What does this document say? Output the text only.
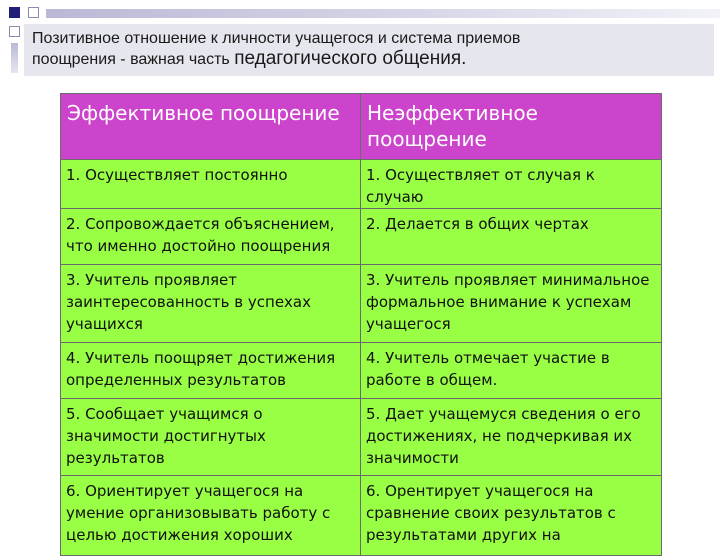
Позитивное отношение к личности учащегося и система приемов
поощрения - важная часть педагогического общения.
Эффективное поощрение	Неэффективное поощрение
1. Осуществляет постоянно	1. Осуществляет от случая к случаю
2. Сопровождается объяснением, что именно достойно поощрения	2. Делается в общих чертах
3. Учитель проявляет заинтересованность в успехах учащихся	3. Учитель проявляет минимальное формальное внимание к успехам учащегося
4. Учитель поощряет достижения определенных результатов	4. Учитель отмечает участие в работе в общем.
5. Сообщает учащимся о значимости достигнутых результатов	5. Дает учащемуся сведения о его достижениях, не подчеркивая их значимости
6. Ориентирует учащегося на умение организовывать работу с целью достижения хороших	6. Орентирует учащегося на сравнение своих результатов с результатами других на
